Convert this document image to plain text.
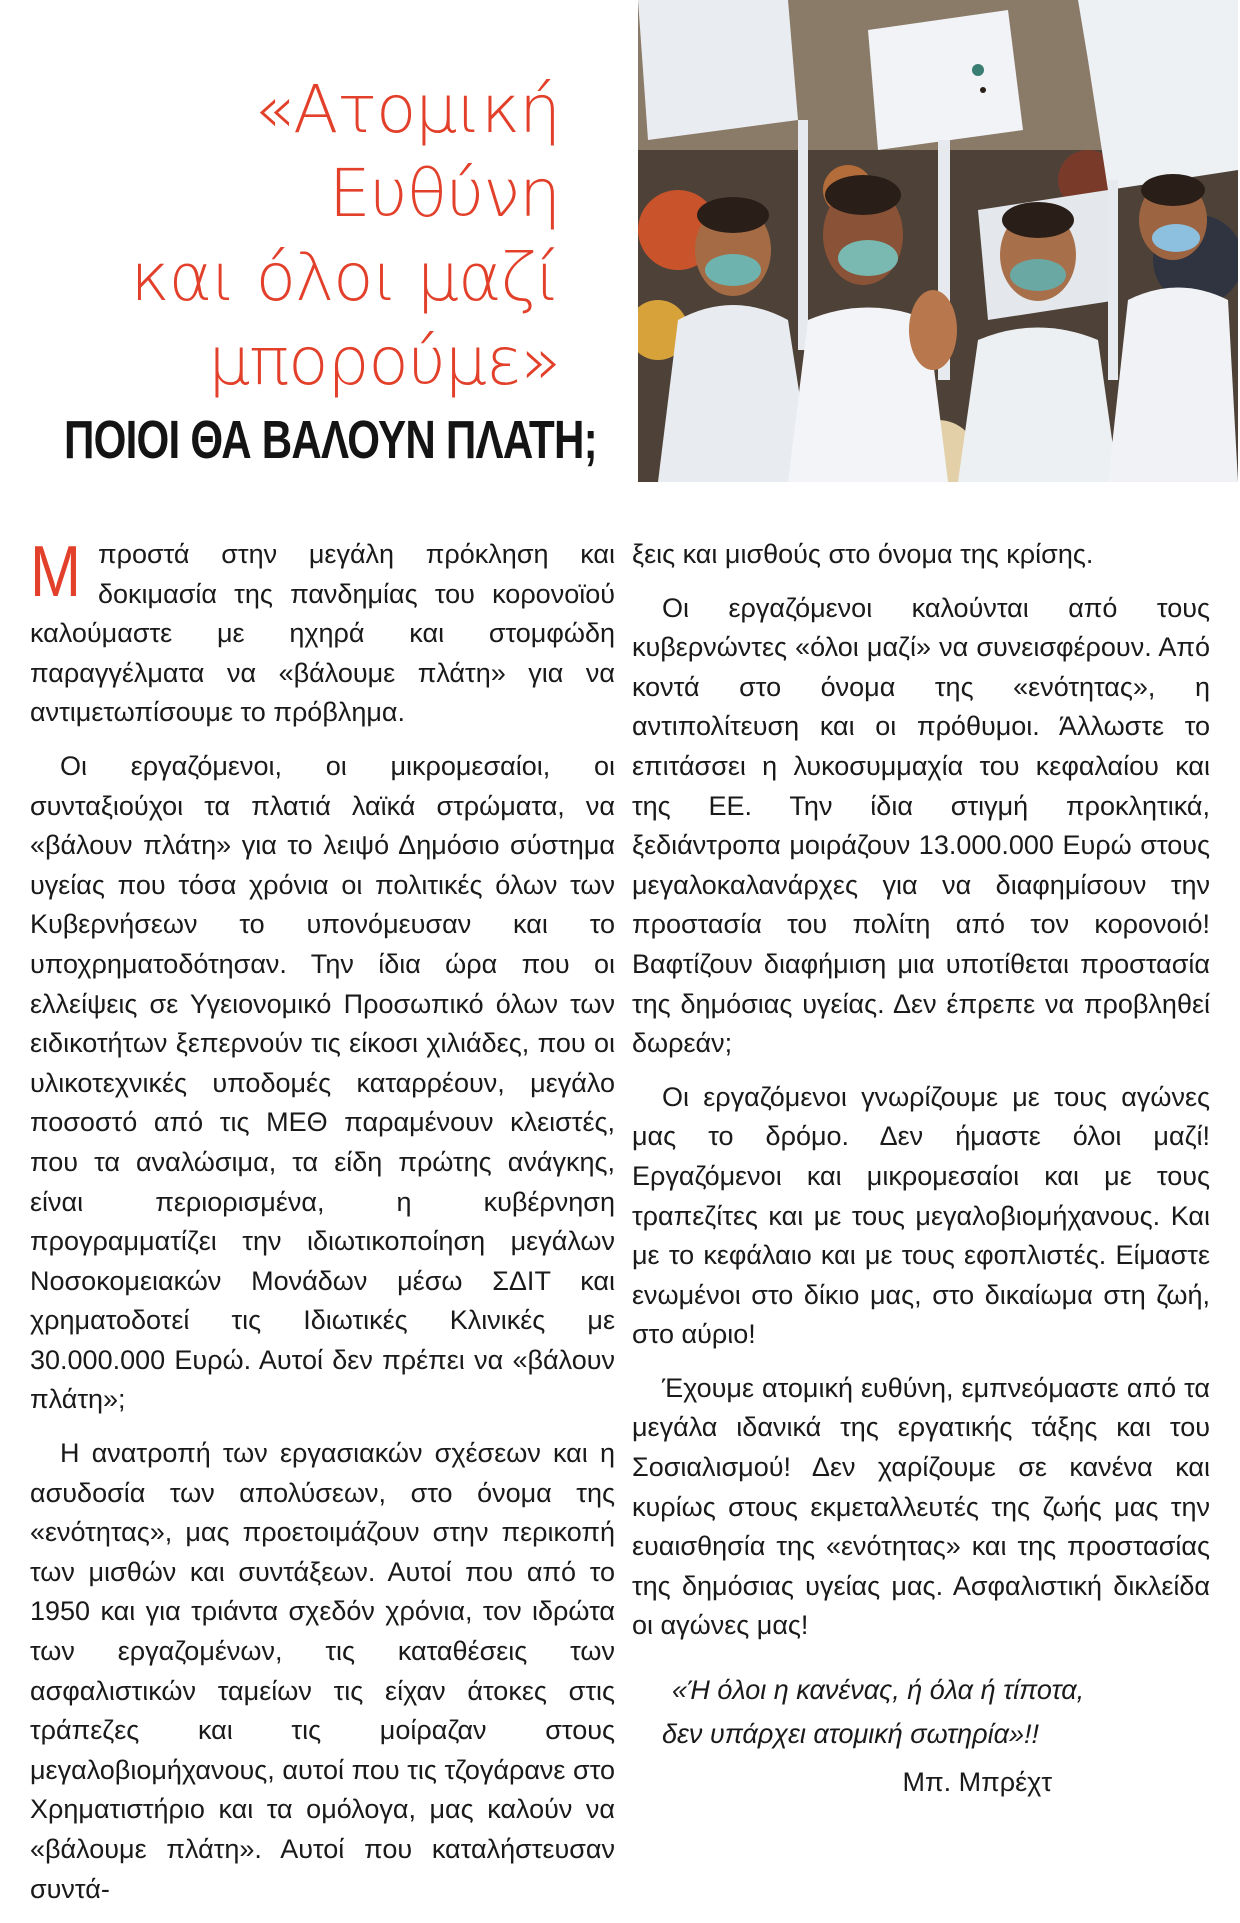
«Ατομική Ευθύνη
και όλοι μαζί
μπορούμε»
ΠΟΙΟΙ ΘΑ ΒΑΛΟΥΝ ΠΛΑΤΗ;

Μπροστά στην μεγάλη πρόκληση και δοκιμασία της πανδημίας του κορονοϊού καλούμαστε με ηχηρά και στομφώδη παραγγέλματα να «βάλουμε πλάτη» για να αντιμετωπίσουμε το πρόβλημα.

Οι εργαζόμενοι, οι μικρομεσαίοι, οι συνταξιούχοι τα πλατιά λαϊκά στρώματα, να «βάλουν πλάτη» για το λειψό Δημόσιο σύστημα υγείας που τόσα χρόνια οι πολιτικές όλων των Κυβερνήσεων το υπονόμευσαν και το υποχρηματοδότησαν. Την ίδια ώρα που οι ελλείψεις σε Υγειονομικό Προσωπικό όλων των ειδικοτήτων ξεπερνούν τις είκοσι χιλιάδες, που οι υλικοτεχνικές υποδομές καταρρέουν, μεγάλο ποσοστό από τις ΜΕΘ παραμένουν κλειστές, που τα αναλώσιμα, τα είδη πρώτης ανάγκης, είναι περιορισμένα, η κυβέρνηση προγραμματίζει την ιδιωτικοποίηση μεγάλων Νοσοκομειακών Μονάδων μέσω ΣΔΙΤ και χρηματοδοτεί τις Ιδιωτικές Κλινικές με 30.000.000 Ευρώ. Αυτοί δεν πρέπει να «βάλουν πλάτη»;

Η ανατροπή των εργασιακών σχέσεων και η ασυδοσία των απολύσεων, στο όνομα της «ενότητας», μας προετοιμάζουν στην περικοπή των μισθών και συντάξεων. Αυτοί που από το 1950 και για τριάντα σχεδόν χρόνια, τον ιδρώτα των εργαζομένων, τις καταθέσεις των ασφαλιστικών ταμείων τις είχαν άτοκες στις τράπεζες και τις μοίραζαν στους μεγαλοβιομήχανους, αυτοί που τις τζογάρανε στο Χρηματιστήριο και τα ομόλογα, μας καλούν να «βάλουμε πλάτη». Αυτοί που καταλήστευσαν συντά-

ξεις και μισθούς στο όνομα της κρίσης.

Οι εργαζόμενοι καλούνται από τους κυβερνώντες «όλοι μαζί» να συνεισφέρουν. Από κοντά στο όνομα της «ενότητας», η αντιπολίτευση και οι πρόθυμοι. Άλλωστε το επιτάσσει η λυκοσυμμαχία του κεφαλαίου και της ΕΕ. Την ίδια στιγμή προκλητικά, ξεδιάντροπα μοιράζουν 13.000.000 Ευρώ στους μεγαλοκαλανάρχες για να διαφημίσουν την προστασία του πολίτη από τον κορονοιό! Βαφτίζουν διαφήμιση μια υποτίθεται προστασία της δημόσιας υγείας. Δεν έπρεπε να προβληθεί δωρεάν;

Οι εργαζόμενοι γνωρίζουμε με τους αγώνες μας το δρόμο. Δεν ήμαστε όλοι μαζί! Εργαζόμενοι και μικρομεσαίοι και με τους τραπεζίτες και με τους μεγαλοβιομήχανους. Και με το κεφάλαιο και με τους εφοπλιστές. Είμαστε ενωμένοι στο δίκιο μας, στο δικαίωμα στη ζωή, στο αύριο!

Έχουμε ατομική ευθύνη, εμπνεόμαστε από τα μεγάλα ιδανικά της εργατικής τάξης και του Σοσιαλισμού! Δεν χαρίζουμε σε κανένα και κυρίως στους εκμεταλλευτές της ζωής μας την ευαισθησία της «ενότητας» και της προστασίας της δημόσιας υγείας μας. Ασφαλιστική δικλείδα οι αγώνες μας!

«Ή όλοι η κανένας, ή όλα ή τίποτα,
δεν υπάρχει ατομική σωτηρία»!!
Μπ. Μπρέχτ
